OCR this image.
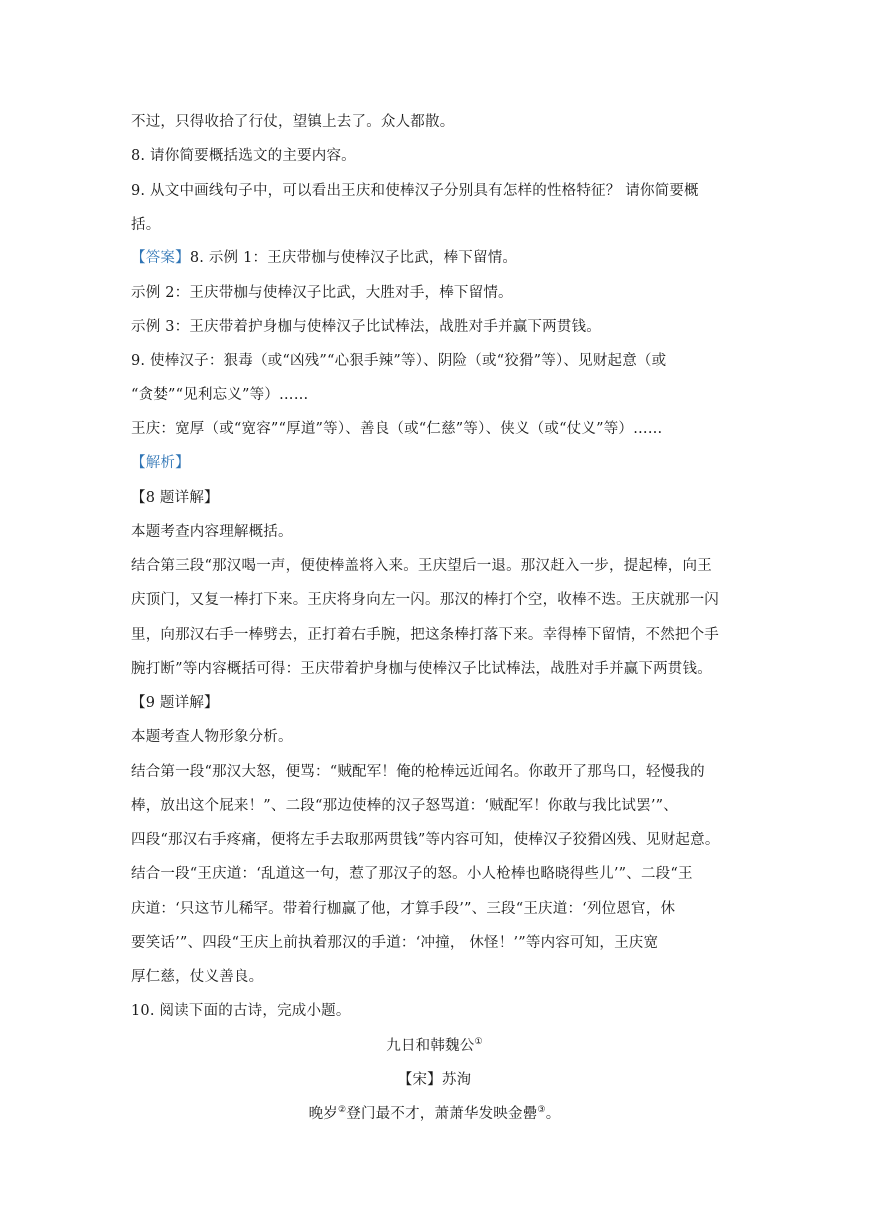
不过，只得收拾了行仗，望镇上去了。众人都散。
8. 请你简要概括选文的主要内容。
9. 从文中画线句子中，可以看出王庆和使棒汉子分别具有怎样的性格特征？ 请你简要概
括。
【答案】8. 示例 1：王庆带枷与使棒汉子比武，棒下留情。
示例 2：王庆带枷与使棒汉子比武，大胜对手，棒下留情。
示例 3：王庆带着护身枷与使棒汉子比试棒法，战胜对手并赢下两贯钱。
9. 使棒汉子：狠毒（或“凶残”“心狠手辣”等）、阴险（或“狡猾”等）、见财起意（或
“贪婪”“见利忘义”等）……
王庆：宽厚（或“宽容”“厚道”等）、善良（或“仁慈”等）、侠义（或“仗义”等）……
【解析】
【8 题详解】
本题考查内容理解概括。
结合第三段“那汉喝一声，便使棒盖将入来。王庆望后一退。那汉赶入一步，提起棒，向王
庆顶门，又复一棒打下来。王庆将身向左一闪。那汉的棒打个空，收棒不迭。王庆就那一闪
里，向那汉右手一棒劈去，正打着右手腕，把这条棒打落下来。幸得棒下留情，不然把个手
腕打断”等内容概括可得：王庆带着护身枷与使棒汉子比试棒法，战胜对手并赢下两贯钱。
【9 题详解】
本题考查人物形象分析。
结合第一段“那汉大怒，便骂：“贼配军！俺的枪棒远近闻名。你敢开了那鸟口，轻慢我的
棒，放出这个屁来！”、二段“那边使棒的汉子怒骂道：‘贼配军！你敢与我比试罢’”、
四段“那汉右手疼痛，便将左手去取那两贯钱”等内容可知，使棒汉子狡猾凶残、见财起意。
结合一段“王庆道：‘乱道这一句，惹了那汉子的怒。小人枪棒也略晓得些儿’”、二段“王
庆道：‘只这节儿稀罕。带着行枷赢了他，才算手段’”、三段“王庆道：‘列位恩官，休
要笑话’”、四段“王庆上前执着那汉的手道：‘冲撞， 休怪！’”等内容可知，王庆宽
厚仁慈，仗义善良。
10. 阅读下面的古诗，完成小题。
九日和韩魏公①
【宋】苏洵
晚岁②登门最不才，萧萧华发映金罍③。
